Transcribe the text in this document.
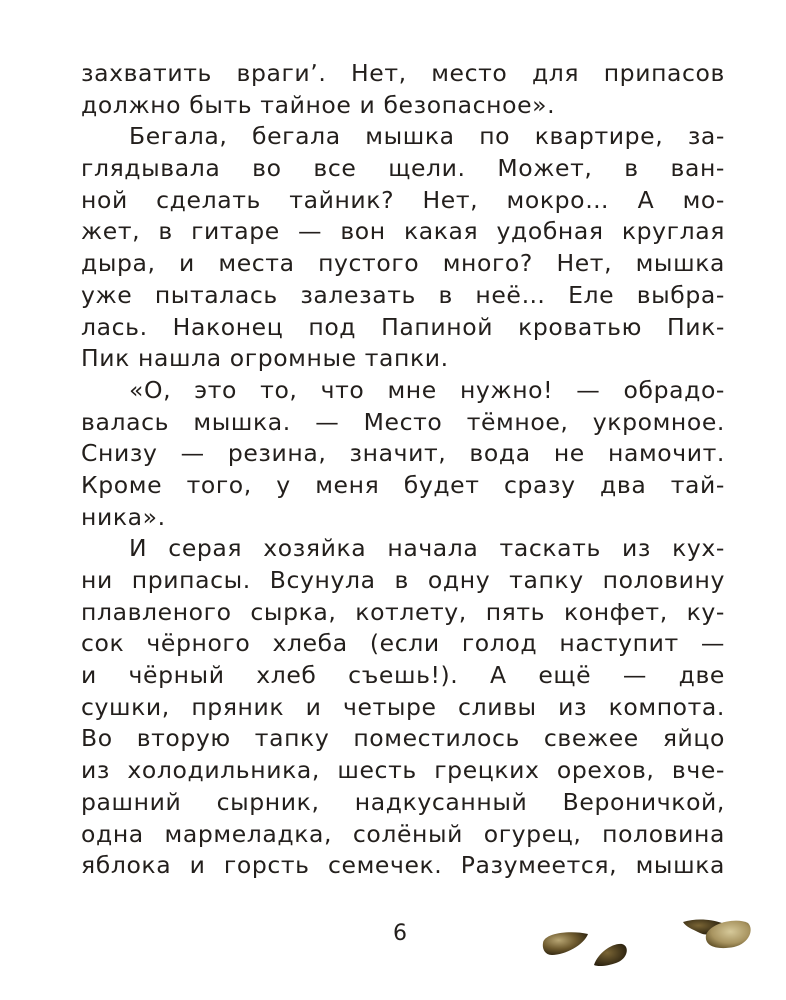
захватить врагиʼ. Нет, место для припасов
должно быть тайное и безопасное».
Бегала, бегала мышка по квартире, за-
глядывала во все щели. Может, в ван-
ной сделать тайник? Нет, мокро… А мо-
жет, в гитаре — вон какая удобная круглая
дыра, и места пустого много? Нет, мышка
уже пыталась залезать в неё… Еле выбра-
лась. Наконец под Папиной кроватью Пик-
Пик нашла огромные тапки.
«О, это то, что мне нужно! — обрадо-
валась мышка. — Место тёмное, укромное.
Снизу — резина, значит, вода не намочит.
Кроме того, у меня будет сразу два тай-
ника».
И серая хозяйка начала таскать из кух-
ни припасы. Всунула в одну тапку половину
плавленого сырка, котлету, пять конфет, ку-
сок чёрного хлеба (если голод наступит —
и чёрный хлеб съешь!). А ещё — две
сушки, пряник и четыре сливы из компота.
Во вторую тапку поместилось свежее яйцо
из холодильника, шесть грецких орехов, вче-
рашний сырник, надкусанный Вероничкой,
одна мармеладка, солёный огурец, половина
яблока и горсть семечек. Разумеется, мышка
6
